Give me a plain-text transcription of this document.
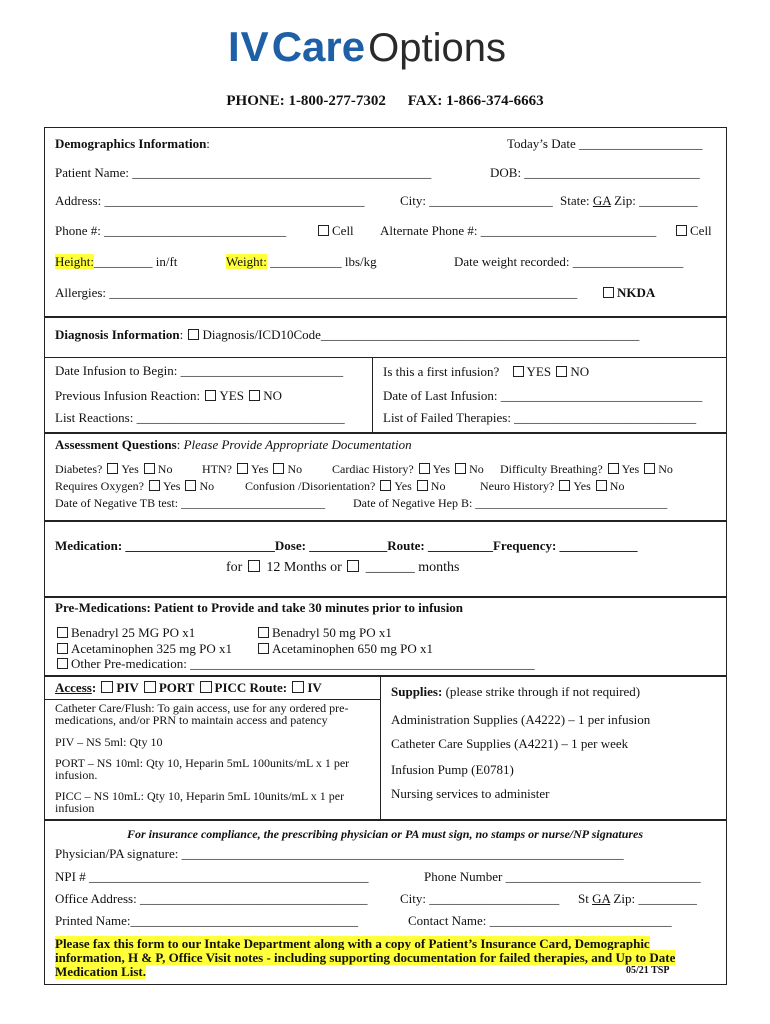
IV Care Options
PHONE: 1-800-277-7302 FAX: 1-866-374-6663
Demographics Information:	Today’s Date ___________________
Patient Name: ______________________________________________	DOB: ___________________________
Address: ________________________________________	City: ___________________ State: GA Zip: _________
Phone #: ____________________________	Cell Alternate Phone #: ___________________________	Cell
Height:_________ in/ft	Weight: ___________ lbs/kg	Date weight recorded: _________________
Allergies: ________________________________________________________________________	NKDA
Diagnosis Information: Diagnosis/ICD10Code_________________________________________________
Date Infusion to Begin: _________________________	Is this a first infusion? YES NO
Previous Infusion Reaction: YES NO	Date of Last Infusion: _______________________________
List Reactions: ________________________________	List of Failed Therapies: ____________________________
Assessment Questions: Please Provide Appropriate Documentation
Diabetes? Yes No HTN? Yes No Cardiac History? Yes No Difficulty Breathing? Yes No
Requires Oxygen? Yes No	Confusion /Disorientation? Yes No	Neuro History? Yes No
Date of Negative TB test: ________________________ Date of Negative Hep B: ________________________________
Medication: _______________________Dose: ____________Route: __________Frequency: ____________
for 12 Months or _______ months
Pre-Medications: Patient to Provide and take 30 minutes prior to infusion
Benadryl 25 MG PO x1	Benadryl 50 mg PO x1
Acetaminophen 325 mg PO x1	Acetaminophen 650 mg PO x1
Other Pre-medication: _____________________________________________________
Access: PIV PORT PICC Route: IV
Catheter Care/Flush: To gain access, use for any ordered pre-medications, and/or PRN to maintain access and patency
PIV – NS 5ml: Qty 10
PORT – NS 10ml: Qty 10, Heparin 5mL 100units/mL x 1 per infusion.
PICC – NS 10mL: Qty 10, Heparin 5mL 10units/mL x 1 per infusion
Supplies: (please strike through if not required)
Administration Supplies (A4222) – 1 per infusion
Catheter Care Supplies (A4221) – 1 per week
Infusion Pump (E0781)
Nursing services to administer
For insurance compliance, the prescribing physician or PA must sign, no stamps or nurse/NP signatures
Physician/PA signature: ____________________________________________________________________
NPI # ___________________________________________	Phone Number ______________________________
Office Address: ___________________________________	City: ____________________ St GA Zip: _________
Printed Name:___________________________________	Contact Name: ____________________________
Please fax this form to our Intake Department along with a copy of Patient’s Insurance Card, Demographic information, H & P, Office Visit notes - including supporting documentation for failed therapies, and Up to Date Medication List.	05/21 TSP
